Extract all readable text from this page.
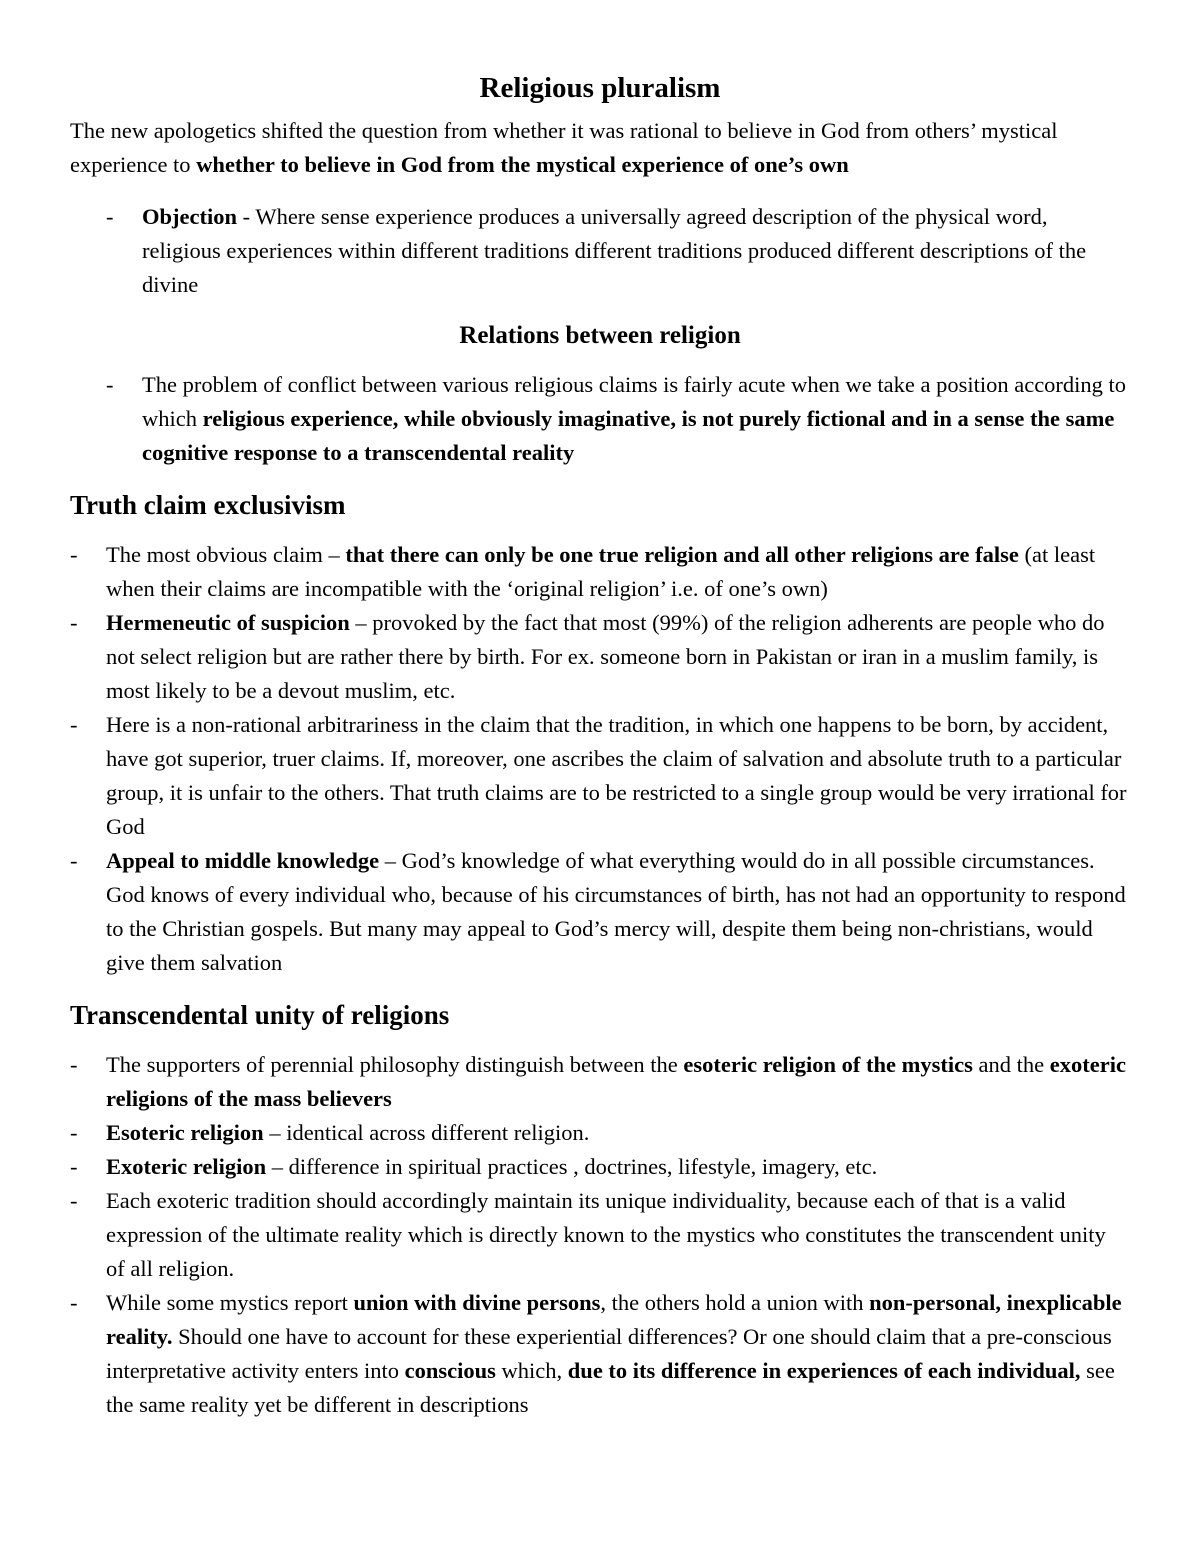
Religious pluralism

The new apologetics shifted the question from whether it was rational to believe in God from others’ mystical experience to whether to believe in God from the mystical experience of one’s own

- Objection - Where sense experience produces a universally agreed description of the physical word, religious experiences within different traditions different traditions produced different descriptions of the divine
Relations between religion
- The problem of conflict between various religious claims is fairly acute when we take a position according to which religious experience, while obviously imaginative, is not purely fictional and in a sense the same cognitive response to a transcendental reality
Truth claim exclusivism
- The most obvious claim – that there can only be one true religion and all other religions are false (at least when their claims are incompatible with the ‘original religion’ i.e. of one’s own)
- Hermeneutic of suspicion – provoked by the fact that most (99%) of the religion adherents are people who do not select religion but are rather there by birth. For ex. someone born in Pakistan or iran in a muslim family, is most likely to be a devout muslim, etc.
- Here is a non-rational arbitrariness in the claim that the tradition, in which one happens to be born, by accident, have got superior, truer claims. If, moreover, one ascribes the claim of salvation and absolute truth to a particular group, it is unfair to the others. That truth claims are to be restricted to a single group would be very irrational for God
- Appeal to middle knowledge – God’s knowledge of what everything would do in all possible circumstances. God knows of every individual who, because of his circumstances of birth, has not had an opportunity to respond to the Christian gospels. But many may appeal to God’s mercy will, despite them being non-christians, would give them salvation
Transcendental unity of religions
- The supporters of perennial philosophy distinguish between the esoteric religion of the mystics and the exoteric religions of the mass believers
- Esoteric religion – identical across different religion.
- Exoteric religion – difference in spiritual practices , doctrines, lifestyle, imagery, etc.
- Each exoteric tradition should accordingly maintain its unique individuality, because each of that is a valid expression of the ultimate reality which is directly known to the mystics who constitutes the transcendent unity of all religion.
- While some mystics report union with divine persons, the others hold a union with non-personal, inexplicable reality. Should one have to account for these experiential differences? Or one should claim that a pre-conscious interpretative activity enters into conscious which, due to its difference in experiences of each individual, see the same reality yet be different in descriptions
